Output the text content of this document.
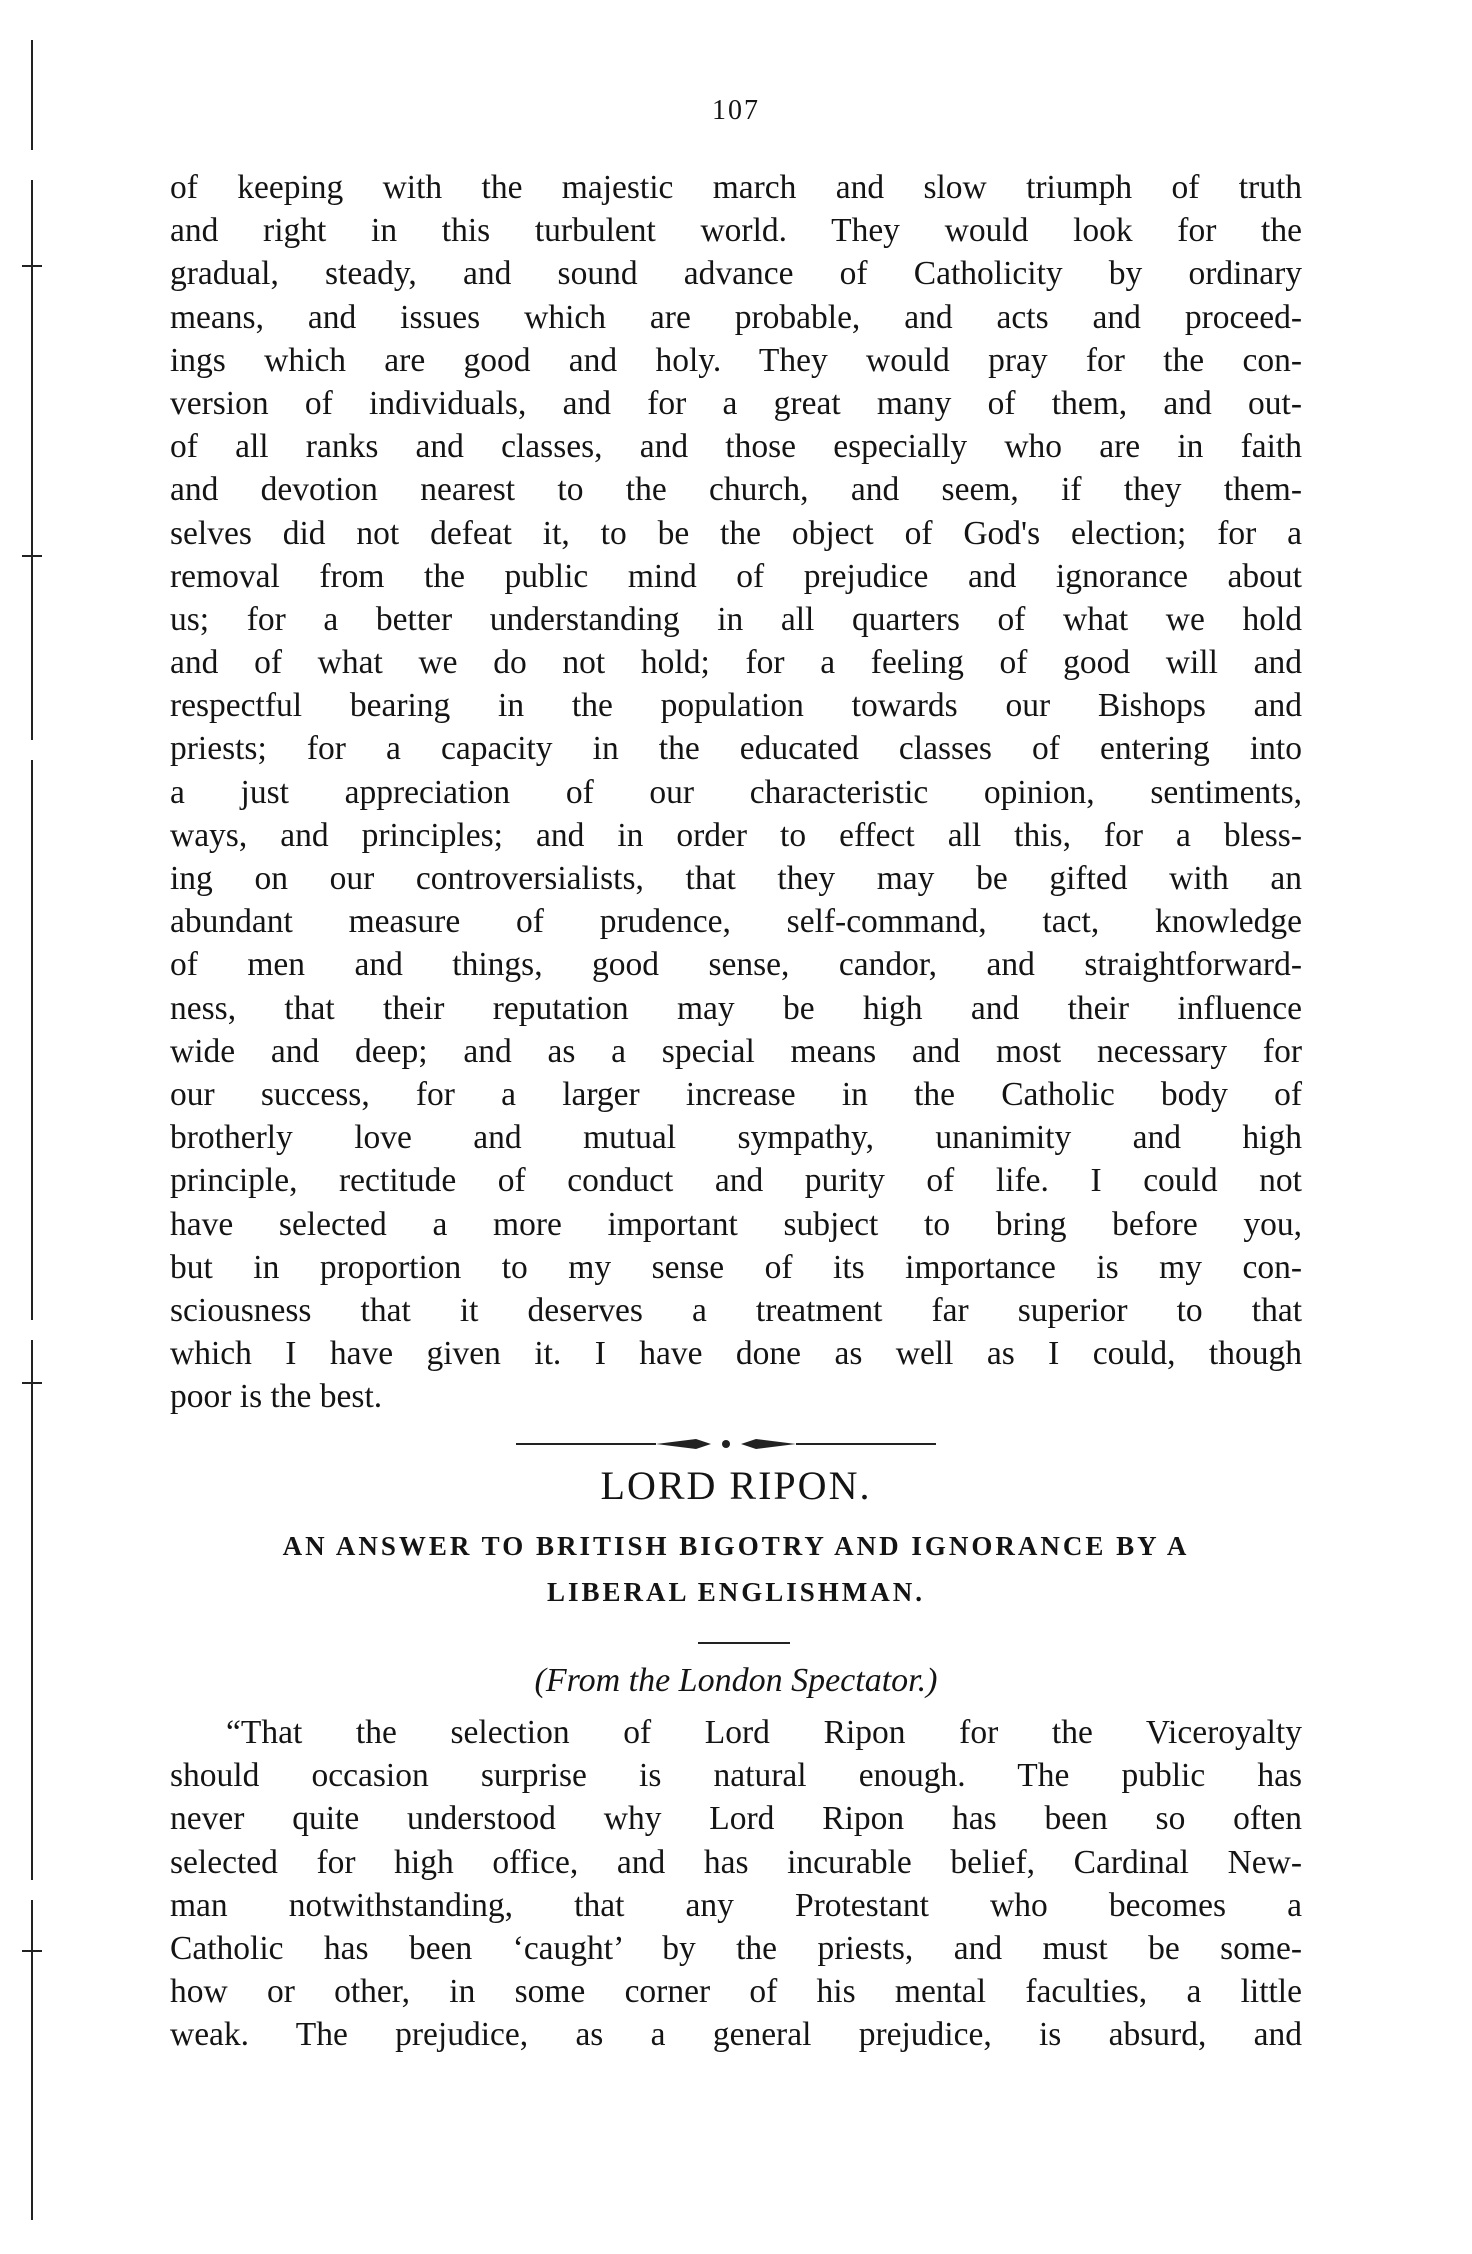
107
of keeping with the majestic march and slow triumph of truth
and right in this turbulent world. They would look for the
gradual, steady, and sound advance of Catholicity by ordinary
means, and issues which are probable, and acts and proceed-
ings which are good and holy. They would pray for the con-
version of individuals, and for a great many of them, and out-
of all ranks and classes, and those especially who are in faith
and devotion nearest to the church, and seem, if they them-
selves did not defeat it, to be the object of God's election; for a
removal from the public mind of prejudice and ignorance about
us; for a better understanding in all quarters of what we hold
and of what we do not hold; for a feeling of good will and
respectful bearing in the population towards our Bishops and
priests; for a capacity in the educated classes of entering into
a just appreciation of our characteristic opinion, sentiments,
ways, and principles; and in order to effect all this, for a bless-
ing on our controversialists, that they may be gifted with an
abundant measure of prudence, self-command, tact, knowledge
of men and things, good sense, candor, and straightforward-
ness, that their reputation may be high and their influence
wide and deep; and as a special means and most necessary for
our success, for a larger increase in the Catholic body of
brotherly love and mutual sympathy, unanimity and high
principle, rectitude of conduct and purity of life. I could not
have selected a more important subject to bring before you,
but in proportion to my sense of its importance is my con-
sciousness that it deserves a treatment far superior to that
which I have given it. I have done as well as I could, though
poor is the best.
LORD RIPON.
AN ANSWER TO BRITISH BIGOTRY AND IGNORANCE BY A
LIBERAL ENGLISHMAN.
(From the London Spectator.)
“That the selection of Lord Ripon for the Viceroyalty
should occasion surprise is natural enough. The public has
never quite understood why Lord Ripon has been so often
selected for high office, and has incurable belief, Cardinal New-
man notwithstanding, that any Protestant who becomes a
Catholic has been ‘caught’ by the priests, and must be some-
how or other, in some corner of his mental faculties, a little
weak. The prejudice, as a general prejudice, is absurd, and
